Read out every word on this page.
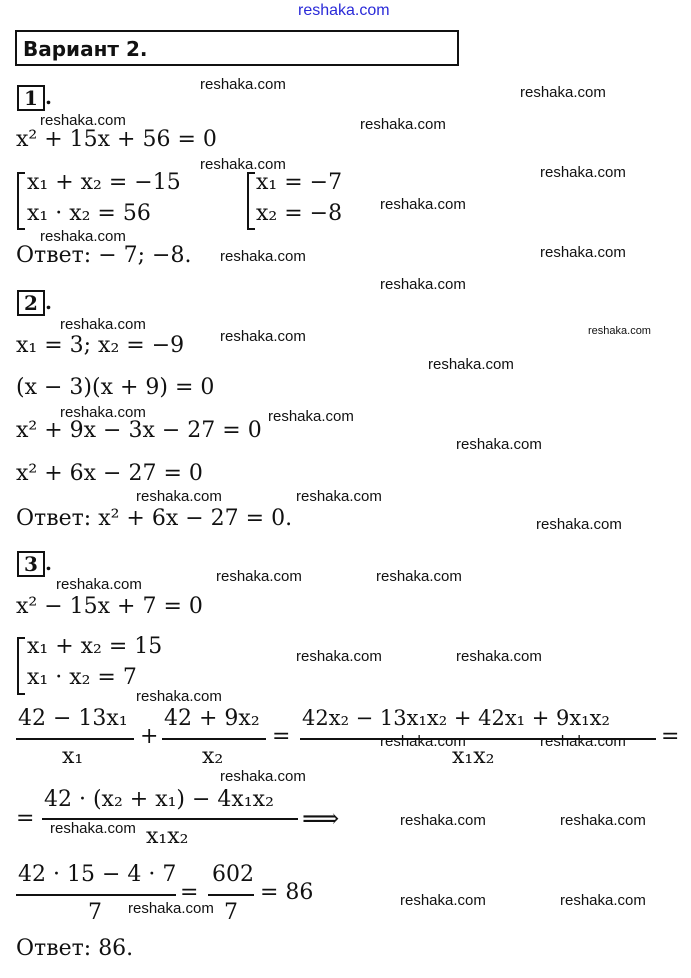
reshaka.com
Вариант 2.
1 .
x² + 15x + 56 = 0
x₁ + x₂ = −15
x₁ · x₂ = 56
x₁ = −7
x₂ = −8
Ответ: − 7; −8.
2 .
x₁ = 3; x₂ = −9
(x − 3)(x + 9) = 0
x² + 9x − 3x − 27 = 0
x² + 6x − 27 = 0
Ответ: x² + 6x − 27 = 0.
3 .
x² − 15x + 7 = 0
x₁ + x₂ = 15
x₁ · x₂ = 7
42 − 13x₁
x₁
+
42 + 9x₂
x₂
=
42x₂ − 13x₁x₂ + 42x₁ + 9x₁x₂
x₁x₂
=
=
42 · (x₂ + x₁) − 4x₁x₂
x₁x₂
⟹
42 · 15 − 4 · 7
7
=
602
7
= 86
Ответ: 86.
reshaka.com	reshaka.com
reshaka.com	reshaka.com
reshaka.com	reshaka.com
reshaka.com
reshaka.com
reshaka.com	reshaka.com
reshaka.com
reshaka.com	reshaka.com
reshaka.com
reshaka.com
reshaka.com	reshaka.com
reshaka.com
reshaka.com	reshaka.com
reshaka.com
reshaka.com	reshaka.com	reshaka.com
reshaka.com	reshaka.com
reshaka.com
reshaka.com	reshaka.com
reshaka.com
reshaka.com	reshaka.com	reshaka.com
reshaka.com	reshaka.com	reshaka.com
